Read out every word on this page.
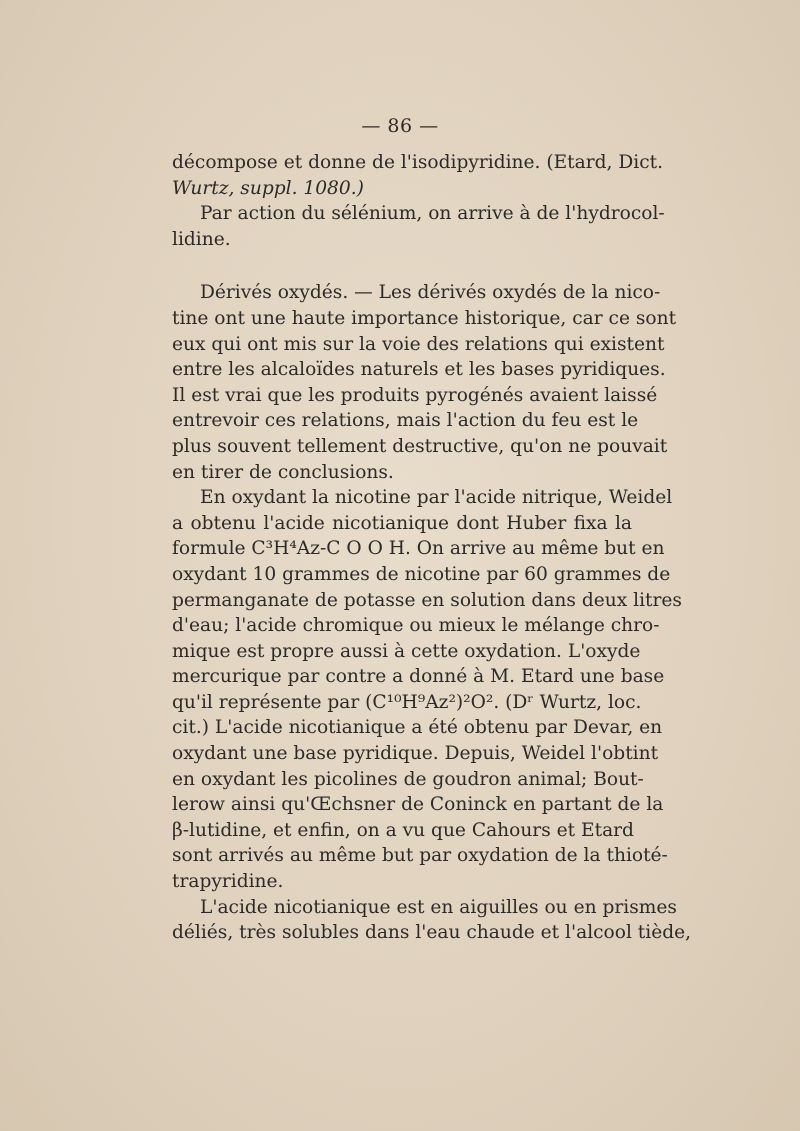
— 86 —
décompose et donne de l'isodipyridine. (Etard, Dict.
Wurtz, suppl. 1080.)
Par action du sélénium, on arrive à de l'hydrocol-
lidine.
Dérivés oxydés. — Les dérivés oxydés de la nico-
tine ont une haute importance historique, car ce sont
eux qui ont mis sur la voie des relations qui existent
entre les alcaloïdes naturels et les bases pyridiques.
Il est vrai que les produits pyrogénés avaient laissé
entrevoir ces relations, mais l'action du feu est le
plus souvent tellement destructive, qu'on ne pouvait
en tirer de conclusions.
En oxydant la nicotine par l'acide nitrique, Weidel
a obtenu l'acide nicotianique dont Huber fixa la
formule C³H⁴Az-C O O H. On arrive au même but en
oxydant 10 grammes de nicotine par 60 grammes de
permanganate de potasse en solution dans deux litres
d'eau; l'acide chromique ou mieux le mélange chro-
mique est propre aussi à cette oxydation. L'oxyde
mercurique par contre a donné à M. Etard une base
qu'il représente par (C¹⁰H⁹Az²)²O². (Dʳ Wurtz, loc.
cit.) L'acide nicotianique a été obtenu par Devar, en
oxydant une base pyridique. Depuis, Weidel l'obtint
en oxydant les picolines de goudron animal; Bout-
lerow ainsi qu'Œchsner de Coninck en partant de la
β-lutidine, et enfin, on a vu que Cahours et Etard
sont arrivés au même but par oxydation de la thioté-
trapyridine.
L'acide nicotianique est en aiguilles ou en prismes
déliés, très solubles dans l'eau chaude et l'alcool tiède,
